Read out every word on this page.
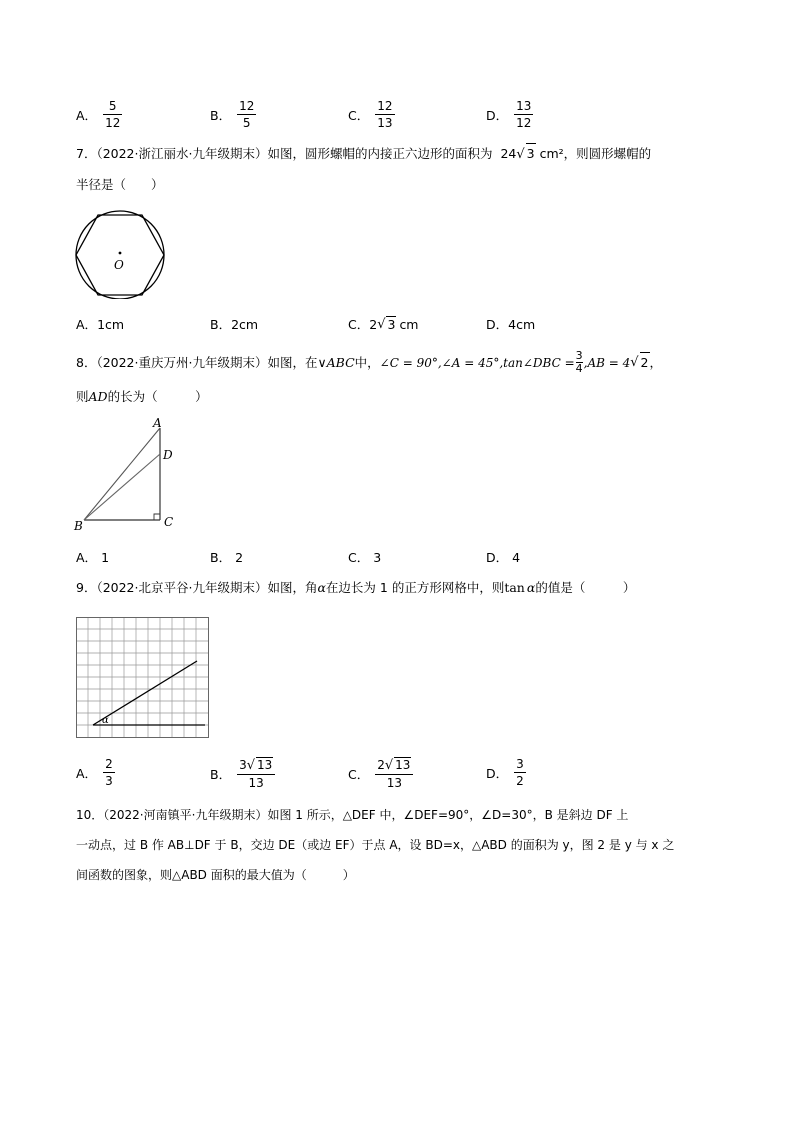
A． $\frac{5}{12}$	B． $\frac{12}{5}$	C． $\frac{12}{13}$	D． $\frac{13}{12}$
7．（2022·浙江丽水·九年级期末）如图，圆形螺帽的内接正六边形的面积为 24√ 3 cm²，则圆形螺帽的
半径是（　　）
O
A． 1cm	B． 2cm	C． 2 √ 3 cm	D． 4cm
8．（2022·重庆万州·九年级期末）如图，在 ∨ABC 中， ∠C = 90°,∠A = 45°,tan∠DBC = $\frac{3}{4} ,AB = 4$ √ 2 ，
则AD的长为（　　　）
A
D
B	C
A． 1	B． 2	C． 3	D． 4
9．（2022·北京平谷·九年级期末）如图，角α在边长为 1 的正方形网格中，则tan α的值是（　　　）
α
A． $\frac{2}{3}$	B． $\frac{3√ 13}{13}$	C． $\frac{2√ 13}{13}$	D． $\frac{3}{2}$
10．（2022·河南镇平·九年级期末）如图 1 所示，△DEF 中，∠DEF=90°，∠D=30°，B 是斜边 DF 上
一动点，过 B 作 AB⊥DF 于 B，交边 DE（或边 EF）于点 A，设 BD=x，△ABD 的面积为 y，图 2 是 y 与 x 之
间函数的图象，则△ABD 面积的最大值为（　　　）
